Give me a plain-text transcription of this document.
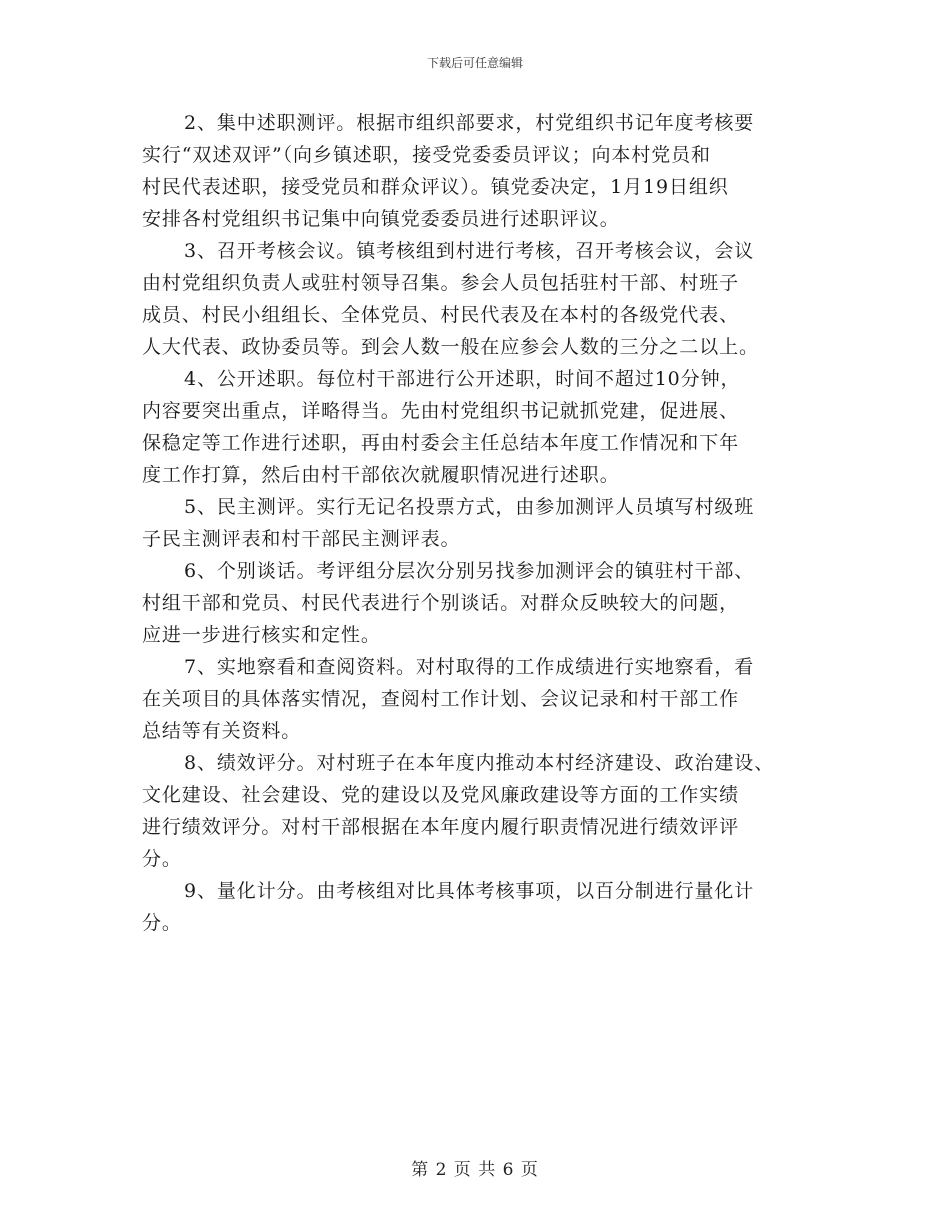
下载后可任意编辑

2、集中述职测评。根据市组织部要求，村党组织书记年度考核要
实行“双述双评”（向乡镇述职，接受党委委员评议；向本村党员和
村民代表述职，接受党员和群众评议）。镇党委决定，1月19日组织
安排各村党组织书记集中向镇党委委员进行述职评议。

3、召开考核会议。镇考核组到村进行考核，召开考核会议，会议
由村党组织负责人或驻村领导召集。参会人员包括驻村干部、村班子
成员、村民小组组长、全体党员、村民代表及在本村的各级党代表、
人大代表、政协委员等。到会人数一般在应参会人数的三分之二以上。

4、公开述职。每位村干部进行公开述职，时间不超过10分钟，
内容要突出重点，详略得当。先由村党组织书记就抓党建，促进展、
保稳定等工作进行述职，再由村委会主任总结本年度工作情况和下年
度工作打算，然后由村干部依次就履职情况进行述职。

5、民主测评。实行无记名投票方式，由参加测评人员填写村级班
子民主测评表和村干部民主测评表。

6、个别谈话。考评组分层次分别另找参加测评会的镇驻村干部、
村组干部和党员、村民代表进行个别谈话。对群众反映较大的问题，
应进一步进行核实和定性。

7、实地察看和查阅资料。对村取得的工作成绩进行实地察看，看
在关项目的具体落实情况，查阅村工作计划、会议记录和村干部工作
总结等有关资料。

8、绩效评分。对村班子在本年度内推动本村经济建设、政治建设、
文化建设、社会建设、党的建设以及党风廉政建设等方面的工作实绩
进行绩效评分。对村干部根据在本年度内履行职责情况进行绩效评评
分。

9、量化计分。由考核组对比具体考核事项，以百分制进行量化计
分。

第 2 页 共 6 页
